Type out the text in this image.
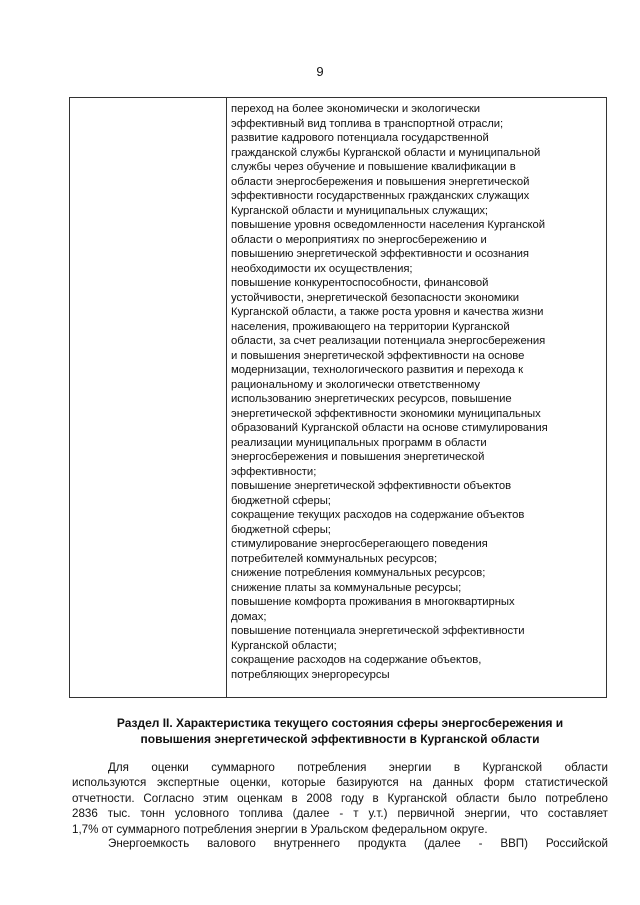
9
переход на более экономически и экологически
эффективный вид топлива в транспортной отрасли;
развитие кадрового потенциала государственной
гражданской службы Курганской области и муниципальной
службы через обучение и повышение квалификации в
области энергосбережения и повышения энергетической
эффективности государственных гражданских служащих
Курганской области и муниципальных служащих;
повышение уровня осведомленности населения Курганской
области о мероприятиях по энергосбережению и
повышению энергетической эффективности и осознания
необходимости их осуществления;
повышение конкурентоспособности, финансовой
устойчивости, энергетической безопасности экономики
Курганской области, а также роста уровня и качества жизни
населения, проживающего на территории Курганской
области, за счет реализации потенциала энергосбережения
и повышения энергетической эффективности на основе
модернизации, технологического развития и перехода к
рациональному и экологически ответственному
использованию энергетических ресурсов, повышение
энергетической эффективности экономики муниципальных
образований Курганской области на основе стимулирования
реализации муниципальных программ в области
энергосбережения и повышения энергетической
эффективности;
повышение энергетической эффективности объектов
бюджетной сферы;
сокращение текущих расходов на содержание объектов
бюджетной сферы;
стимулирование энергосберегающего поведения
потребителей коммунальных ресурсов;
снижение потребления коммунальных ресурсов;
снижение платы за коммунальные ресурсы;
повышение комфорта проживания в многоквартирных
домах;
повышение потенциала энергетической эффективности
Курганской области;
сокращение расходов на содержание объектов,
потребляющих энергоресурсы
Раздел II. Характеристика текущего состояния сферы энергосбережения и
повышения энергетической эффективности в Курганской области
Для оценки суммарного потребления энергии в Курганской области
используются экспертные оценки, которые базируются на данных форм статистической
отчетности. Согласно этим оценкам в 2008 году в Курганской области было потреблено
2836 тыс. тонн условного топлива (далее - т у.т.) первичной энергии, что составляет
1,7% от суммарного потребления энергии в Уральском федеральном округе.
Энергоемкость валового внутреннего продукта (далее - ВВП) Российской
